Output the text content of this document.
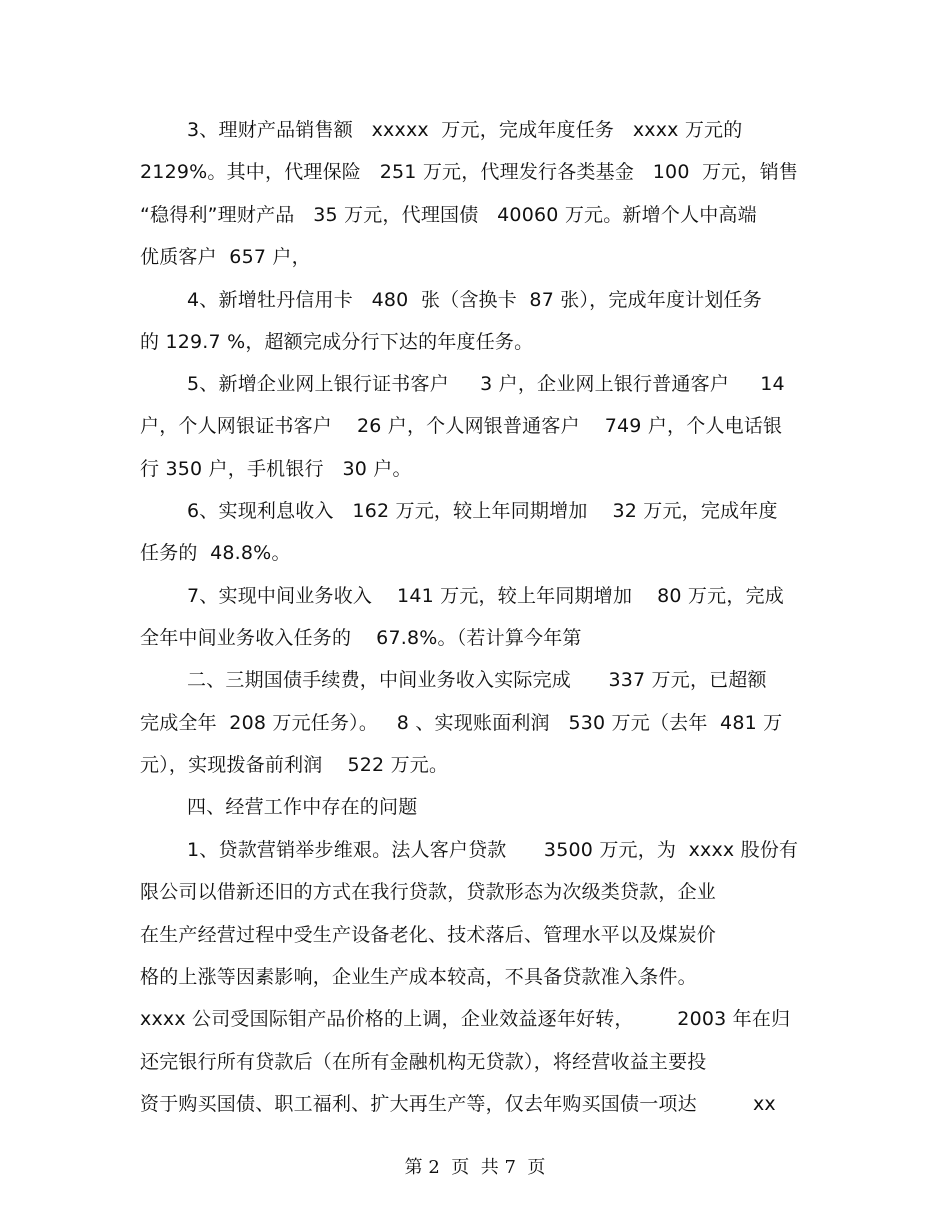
3、理财产品销售额   xxxxx  万元，完成年度任务   xxxx 万元的
2129%。其中，代理保险   251 万元，代理发行各类基金   100  万元，销售
“稳得利”理财产品   35 万元，代理国债   40060 万元。新增个人中高端
优质客户  657 户，
4、新增牡丹信用卡   480  张（含换卡  87 张），完成年度计划任务
的 129.7 %，超额完成分行下达的年度任务。
5、新增企业网上银行证书客户     3 户，企业网上银行普通客户     14
户，个人网银证书客户    26 户，个人网银普通客户    749 户，个人电话银
行 350 户，手机银行   30 户。
6、实现利息收入   162 万元，较上年同期增加    32 万元，完成年度
任务的  48.8%。
7、实现中间业务收入    141 万元，较上年同期增加    80 万元，完成
全年中间业务收入任务的    67.8%。（若计算今年第
二、三期国债手续费，中间业务收入实际完成      337 万元，已超额
完成全年  208 万元任务）。   8 、实现账面利润   530 万元（去年  481 万
元），实现拨备前利润    522 万元。
四、经营工作中存在的问题
1、贷款营销举步维艰。法人客户贷款      3500 万元，为  xxxx 股份有
限公司以借新还旧的方式在我行贷款，贷款形态为次级类贷款，企业
在生产经营过程中受生产设备老化、技术落后、管理水平以及煤炭价
格的上涨等因素影响，企业生产成本较高，不具备贷款准入条件。
xxxx 公司受国际钼产品价格的上调，企业效益逐年好转，       2003 年在归
还完银行所有贷款后（在所有金融机构无贷款），将经营收益主要投
资于购买国债、职工福利、扩大再生产等，仅去年购买国债一项达         xx
第 2  页  共 7  页
